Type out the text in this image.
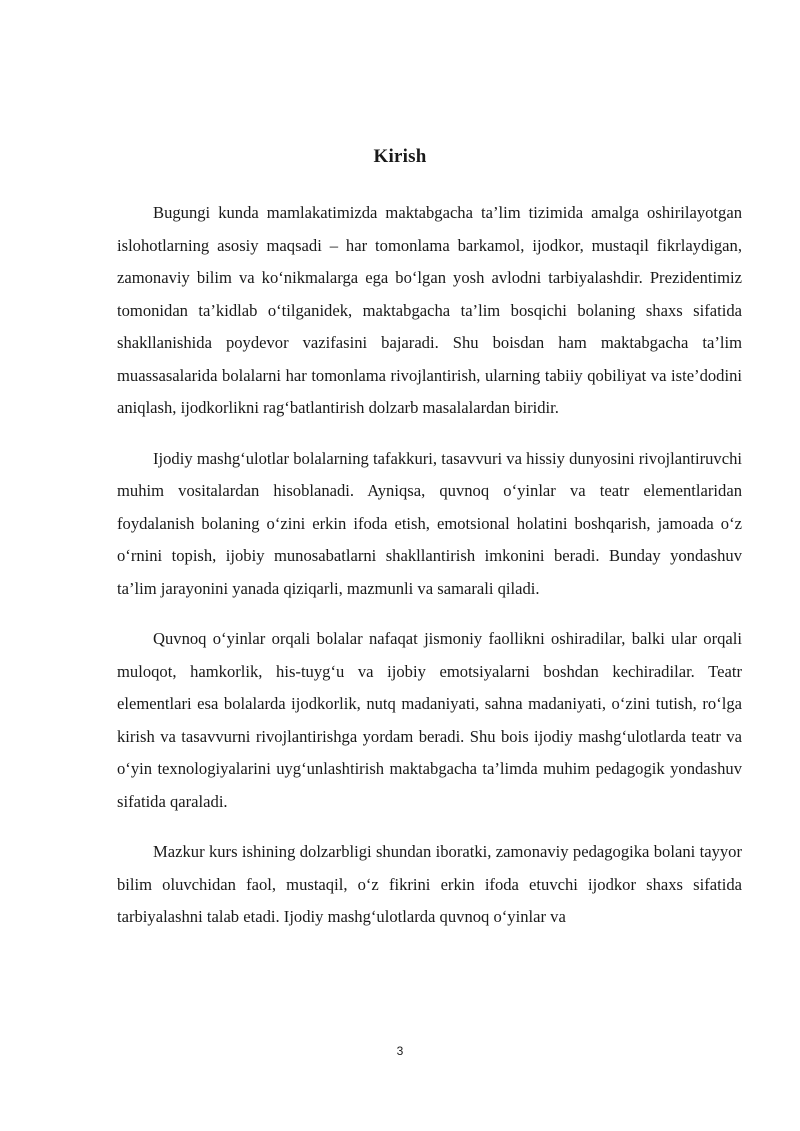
Kirish

Bugungi kunda mamlakatimizda maktabgacha ta’lim tizimida amalga oshirilayotgan islohotlarning asosiy maqsadi – har tomonlama barkamol, ijodkor, mustaqil fikrlaydigan, zamonaviy bilim va ko‘nikmalarga ega bo‘lgan yosh avlodni tarbiyalashdir. Prezidentimiz tomonidan ta’kidlab o‘tilganidek, maktabgacha ta’lim bosqichi bolaning shaxs sifatida shakllanishida poydevor vazifasini bajaradi. Shu boisdan ham maktabgacha ta’lim muassasalarida bolalarni har tomonlama rivojlantirish, ularning tabiiy qobiliyat va iste’dodini aniqlash, ijodkorlikni rag‘batlantirish dolzarb masalalardan biridir.

Ijodiy mashg‘ulotlar bolalarning tafakkuri, tasavvuri va hissiy dunyosini rivojlantiruvchi muhim vositalardan hisoblanadi. Ayniqsa, quvnoq o‘yinlar va teatr elementlaridan foydalanish bolaning o‘zini erkin ifoda etish, emotsional holatini boshqarish, jamoada o‘z o‘rnini topish, ijobiy munosabatlarni shakllantirish imkonini beradi. Bunday yondashuv ta’lim jarayonini yanada qiziqarli, mazmunli va samarali qiladi.

Quvnoq o‘yinlar orqali bolalar nafaqat jismoniy faollikni oshiradilar, balki ular orqali muloqot, hamkorlik, his-tuyg‘u va ijobiy emotsiyalarni boshdan kechiradilar. Teatr elementlari esa bolalarda ijodkorlik, nutq madaniyati, sahna madaniyati, o‘zini tutish, ro‘lga kirish va tasavvurni rivojlantirishga yordam beradi. Shu bois ijodiy mashg‘ulotlarda teatr va o‘yin texnologiyalarini uyg‘unlashtirish maktabgacha ta’limda muhim pedagogik yondashuv sifatida qaraladi.

Mazkur kurs ishining dolzarbligi shundan iboratki, zamonaviy pedagogika bolani tayyor bilim oluvchidan faol, mustaqil, o‘z fikrini erkin ifoda etuvchi ijodkor shaxs sifatida tarbiyalashni talab etadi. Ijodiy mashg‘ulotlarda quvnoq o‘yinlar va

3
